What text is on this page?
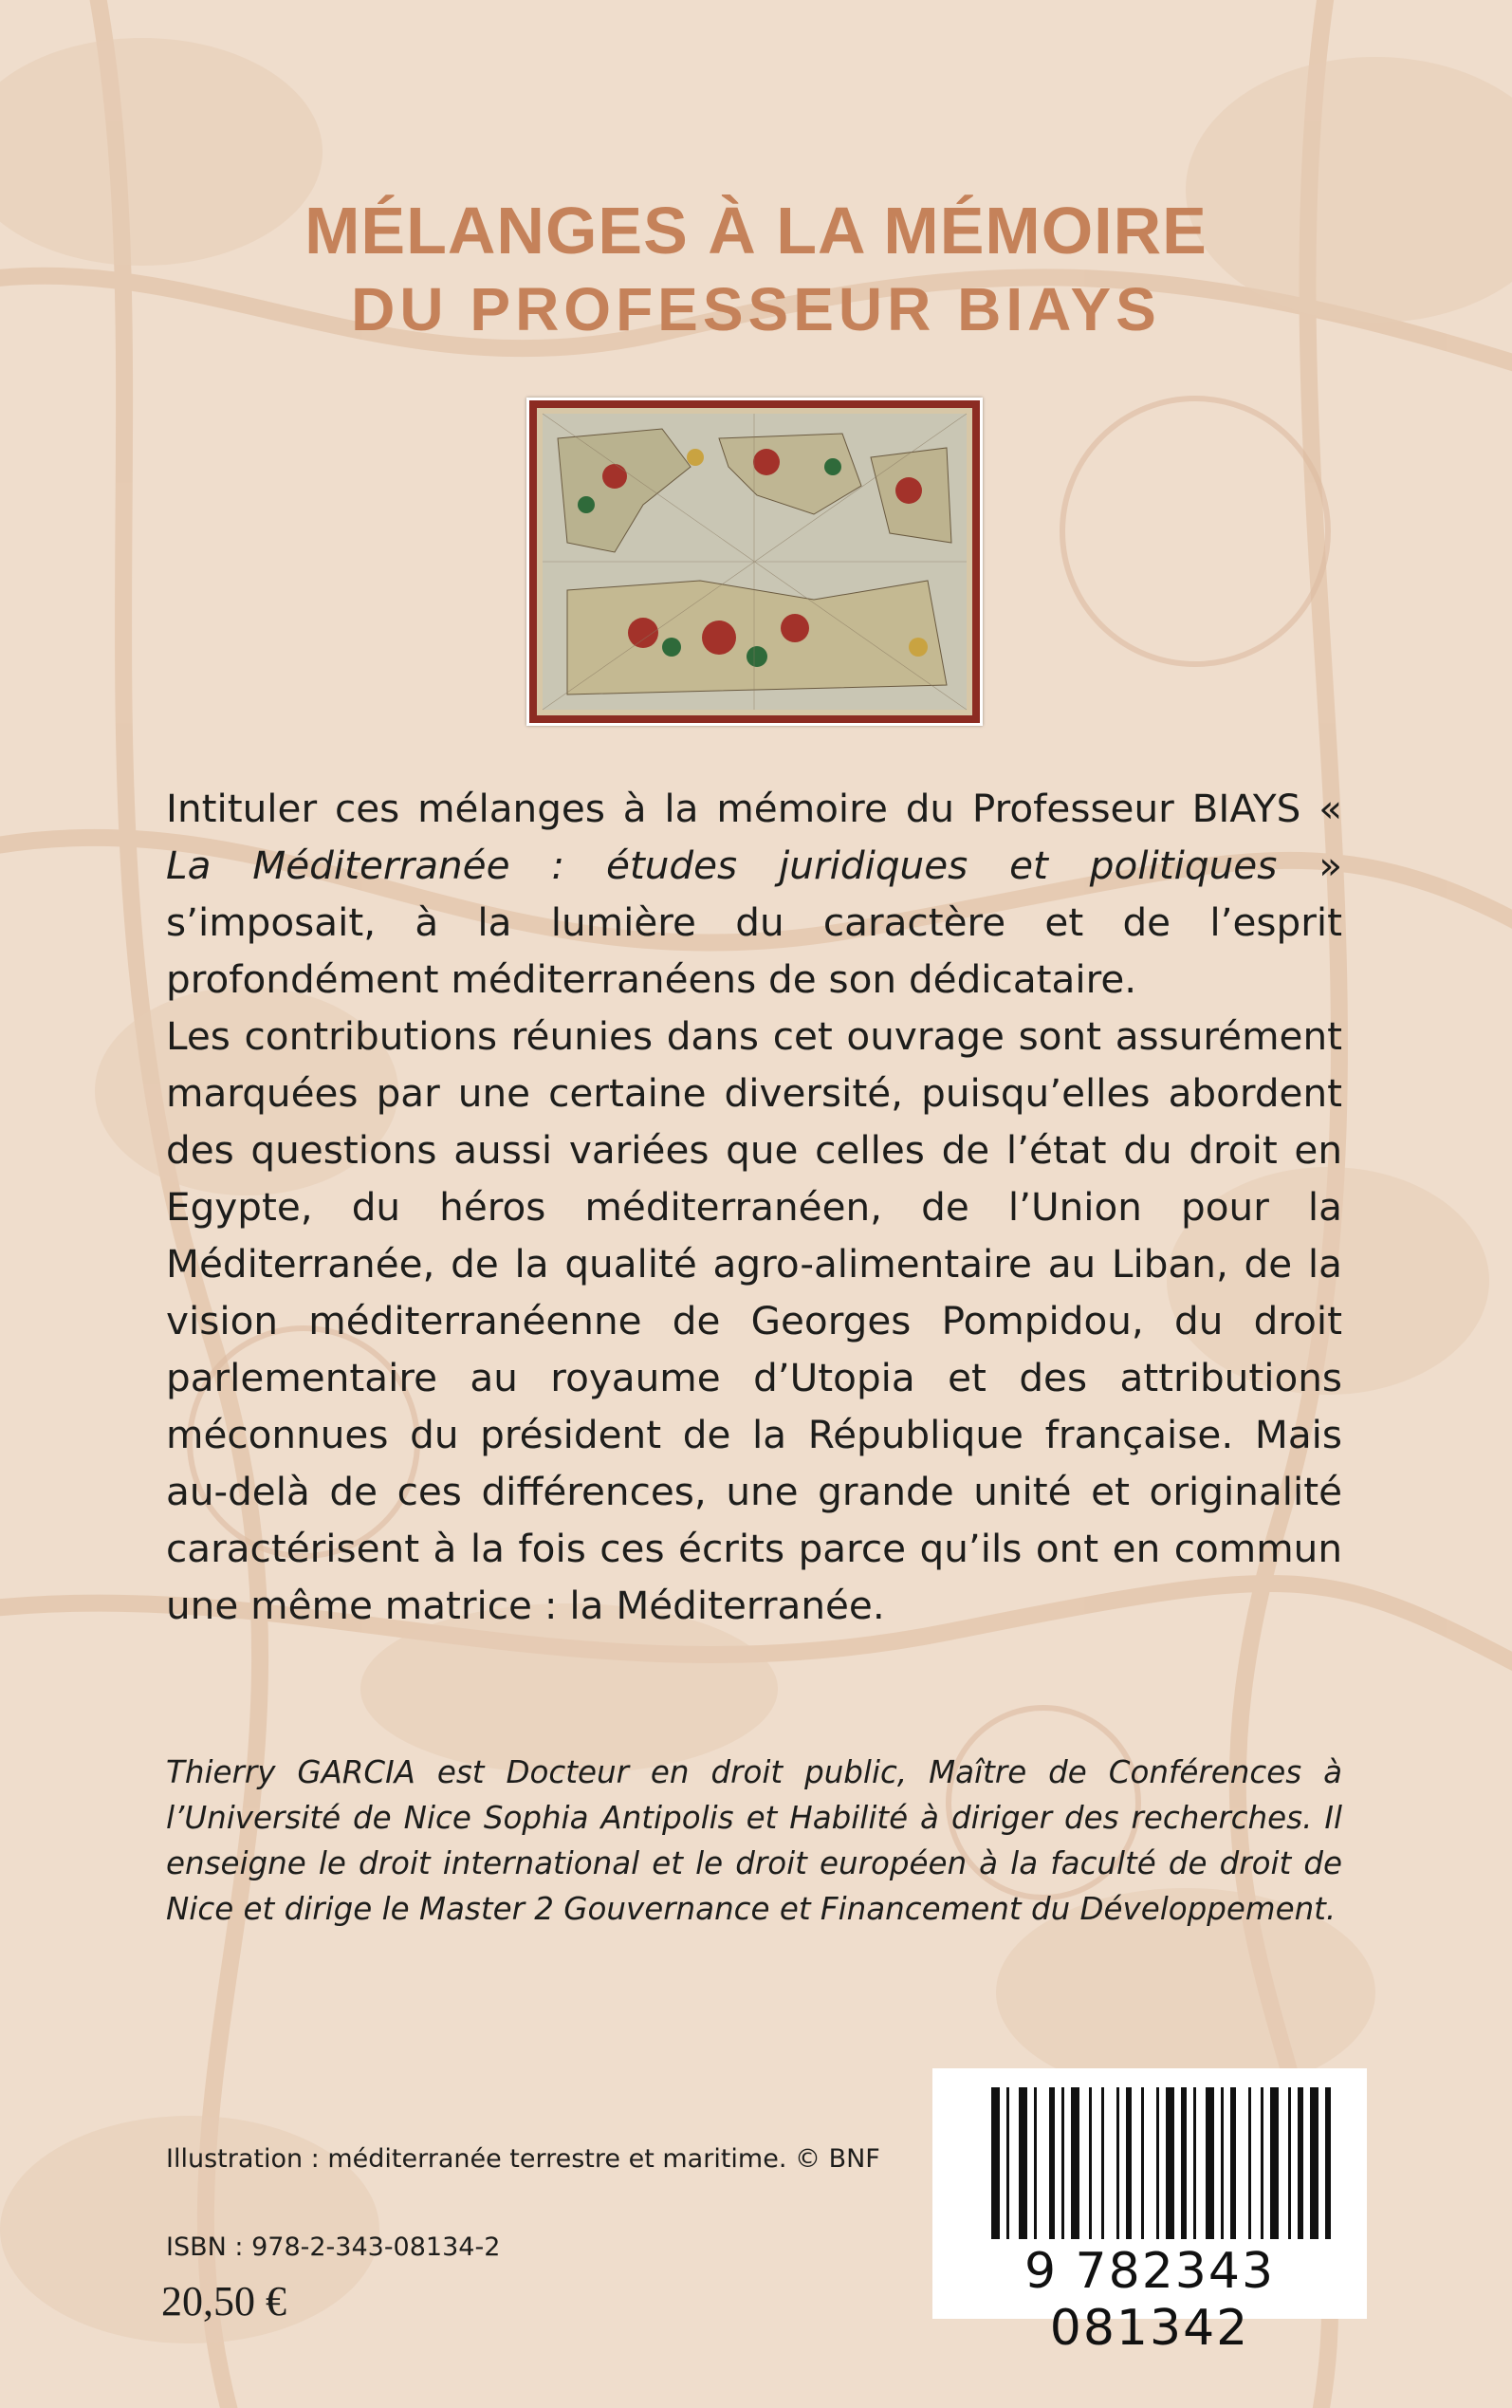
MÉLANGES À LA MÉMOIRE
DU PROFESSEUR BIAYS

Intituler ces mélanges à la mémoire du Professeur BIAYS « La Méditerranée : études juridiques et politiques » s’imposait, à la lumière du caractère et de l’esprit profondément méditerranéens de son dédicataire.

Les contributions réunies dans cet ouvrage sont assurément marquées par une certaine diversité, puisqu’elles abordent des questions aussi variées que celles de l’état du droit en Egypte, du héros méditerranéen, de l’Union pour la Méditerranée, de la qualité agro-alimentaire au Liban, de la vision méditerranéenne de Georges Pompidou, du droit parlementaire au royaume d’Utopia et des attributions méconnues du président de la République française. Mais au-delà de ces différences, une grande unité et originalité caractérisent à la fois ces écrits parce qu’ils ont en commun une même matrice : la Méditerranée.

Thierry GARCIA est Docteur en droit public, Maître de Conférences à l’Université de Nice Sophia Antipolis et Habilité à diriger des recherches. Il enseigne le droit international et le droit européen à la faculté de droit de Nice et dirige le Master 2 Gouvernance et Financement du Développement.
Illustration : méditerranée terrestre et maritime. © BNF
ISBN : 978-2-343-08134-2
20,50 €
9 782343 081342
